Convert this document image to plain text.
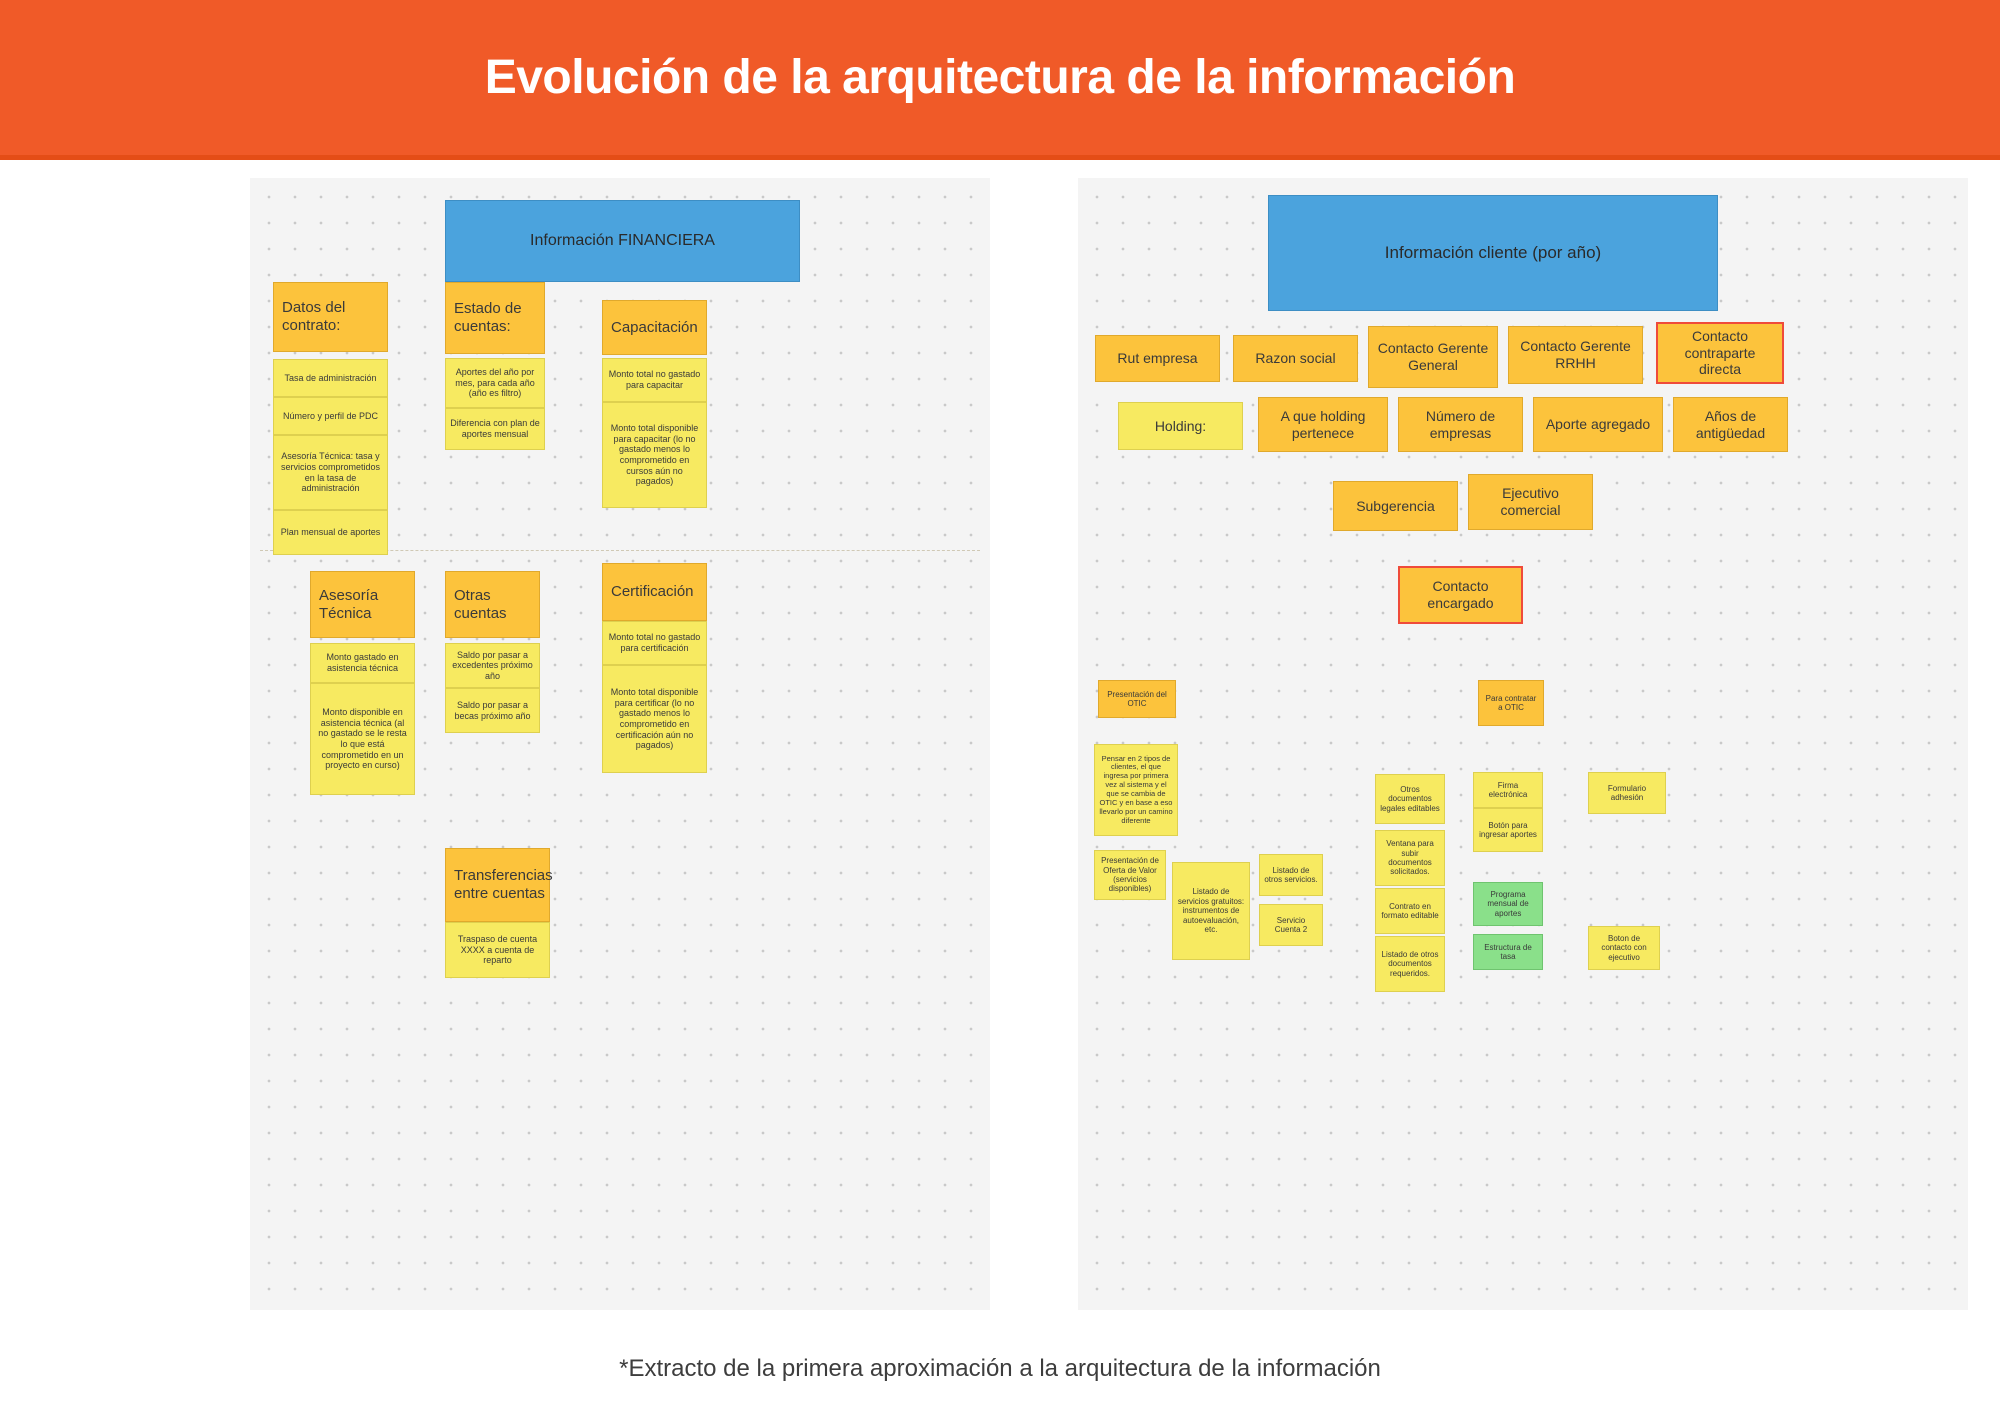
Evolución de la arquitectura de la información
Información FINANCIERA
Datos del contrato:
Tasa de administración
Número y perfil de PDC
Asesoría Técnica: tasa y servicios comprometidos en la tasa de administración
Plan mensual de aportes
Estado de cuentas:
Aportes del año por mes, para cada año (año es filtro)
Diferencia con plan de aportes mensual
Capacitación
Monto total no gastado para capacitar
Monto total disponible para capacitar (lo no gastado menos lo comprometido en cursos aún no pagados)
Asesoría Técnica
Monto gastado en asistencia técnica
Monto disponible en asistencia técnica (al no gastado se le resta lo que está comprometido en un proyecto en curso)
Otras cuentas
Saldo por pasar a excedentes próximo año
Saldo por pasar a becas próximo año
Certificación
Monto total no gastado para certificación
Monto total disponible para certificar (lo no gastado menos lo comprometido en certificación aún no pagados)
Transferencias entre cuentas
Traspaso de cuenta XXXX a cuenta de reparto
Información cliente (por año)
Rut empresa	Razon social
Contacto Gerente General
Contacto Gerente RRHH
Contacto contraparte directa
Holding:
A que holding pertenece
Número de empresas
Aporte agregado
Años de antigüedad
Subgerencia
Ejecutivo comercial
Contacto encargado
Presentación del OTIC
Para contratar a OTIC
Pensar en 2 tipos de clientes, el que ingresa por primera vez al sistema y el que se cambia de OTIC y en base a eso llevarlo por un camino diferente
Otros documentos legales editables
Firma electrónica
Formulario adhesión
Botón para ingresar aportes
Presentación de Oferta de Valor (servicios disponibles)	Listado de servicios gratuitos: instrumentos de autoevaluación, etc.
Listado de otros servicios.
Ventana para subir documentos solicitados.
Servicio Cuenta 2
Contrato en formato editable
Programa mensual de aportes
Listado de otros documentos requeridos.
Estructura de tasa
Boton de contacto con ejecutivo
*Extracto de la primera aproximación a la arquitectura de la información
